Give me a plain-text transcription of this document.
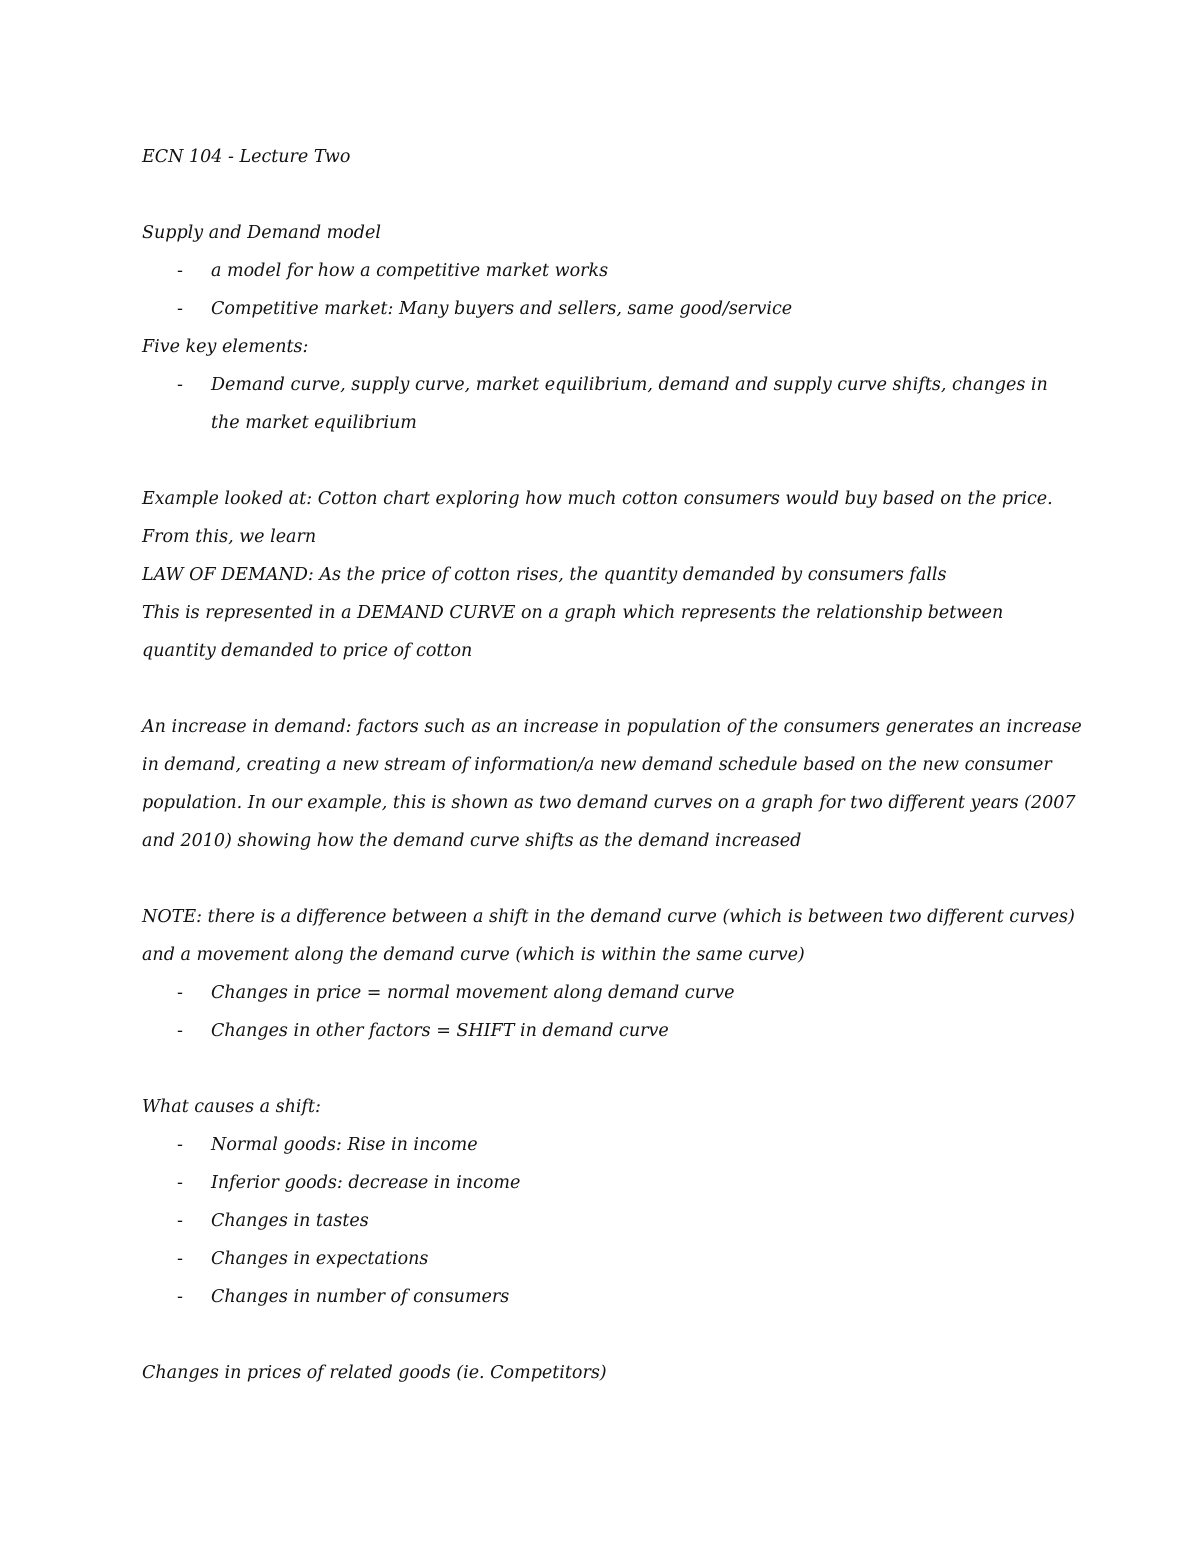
ECN 104 - Lecture Two

Supply and Demand model

- a model for how a competitive market works

- Competitive market: Many buyers and sellers, same good/service

Five key elements:

- Demand curve, supply curve, market equilibrium, demand and supply curve shifts, changes in the market equilibrium

Example looked at: Cotton chart exploring how much cotton consumers would buy based on the price.

From this, we learn

LAW OF DEMAND: As the price of cotton rises, the quantity demanded by consumers falls

This is represented in a DEMAND CURVE on a graph which represents the relationship between

quantity demanded to price of cotton

An increase in demand: factors such as an increase in population of the consumers generates an increase

in demand, creating a new stream of information/a new demand schedule based on the new consumer

population. In our example, this is shown as two demand curves on a graph for two different years (2007

and 2010) showing how the demand curve shifts as the demand increased

NOTE: there is a difference between a shift in the demand curve (which is between two different curves)

and a movement along the demand curve (which is within the same curve)

- Changes in price = normal movement along demand curve

- Changes in other factors = SHIFT in demand curve

What causes a shift:

- Normal goods: Rise in income

- Inferior goods: decrease in income

- Changes in tastes

- Changes in expectations

- Changes in number of consumers

Changes in prices of related goods (ie. Competitors)
